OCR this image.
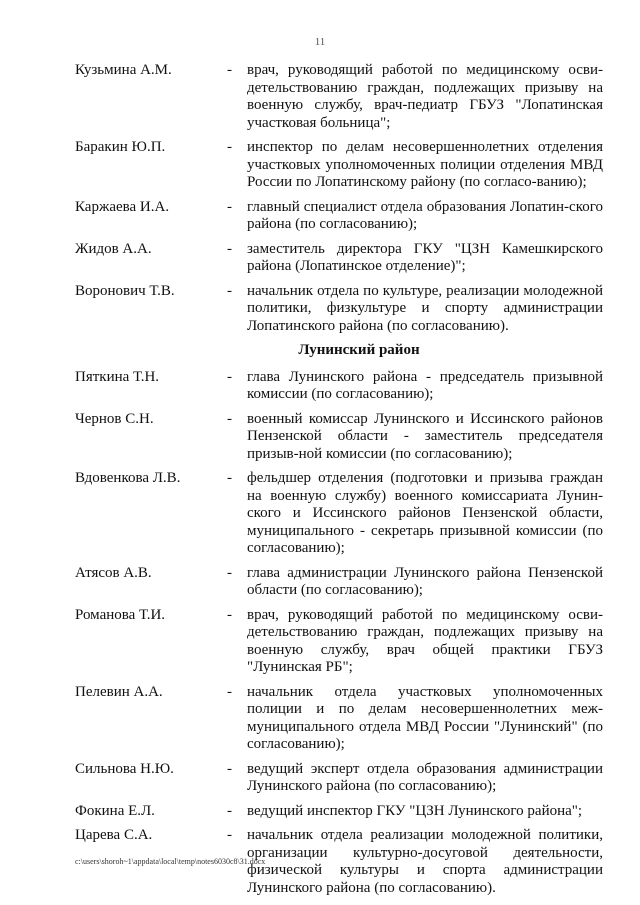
11
Кузьмина А.М.	-	врач, руководящий работой по медицинскому осви-детельствованию граждан, подлежащих призыву на военную службу, врач-педиатр ГБУЗ "Лопатинская участковая больница";
Баракин Ю.П.	-	инспектор по делам несовершеннолетних отделения участковых уполномоченных полиции отделения МВД России по Лопатинскому району (по согласо-ванию);
Каржаева И.А.	-	главный специалист отдела образования Лопатин-ского района (по согласованию);
Жидов А.А.	-	заместитель директора ГКУ "ЦЗН Камешкирского района (Лопатинское отделение)";
Воронович Т.В.	-	начальник отдела по культуре, реализации молодежной политики, физкультуре и спорту администрации Лопатинского района (по согласованию).
Лунинский район
Пяткина Т.Н.	-	глава Лунинского района - председатель призывной комиссии (по согласованию);
Чернов С.Н.	-	военный комиссар Лунинского и Иссинского районов Пензенской области - заместитель председателя призыв-ной комиссии (по согласованию);
Вдовенкова Л.В.	-	фельдшер отделения (подготовки и призыва граждан на военную службу) военного комиссариата Лунин-ского и Иссинского районов Пензенской области, муниципального - секретарь призывной комиссии (по согласованию);
Атясов А.В.	-	глава администрации Лунинского района Пензенской области (по согласованию);
Романова Т.И.	-	врач, руководящий работой по медицинскому осви-детельствованию граждан, подлежащих призыву на военную службу, врач общей практики ГБУЗ "Лунинская РБ";
Пелевин А.А.	-	начальник отдела участковых уполномоченных полиции и по делам несовершеннолетних меж-муниципального отдела МВД России "Лунинский" (по согласованию);
Сильнова Н.Ю.	-	ведущий эксперт отдела образования администрации Лунинского района (по согласованию);
Фокина Е.Л.	-	ведущий инспектор ГКУ "ЦЗН Лунинского района";
Царева С.А.	-	начальник отдела реализации молодежной политики, организации культурно-досуговой деятельности, физической культуры и спорта администрации Лунинского района (по согласованию).
c:\users\shoroh~1\appdata\local\temp\notes6030c8\31.docx
